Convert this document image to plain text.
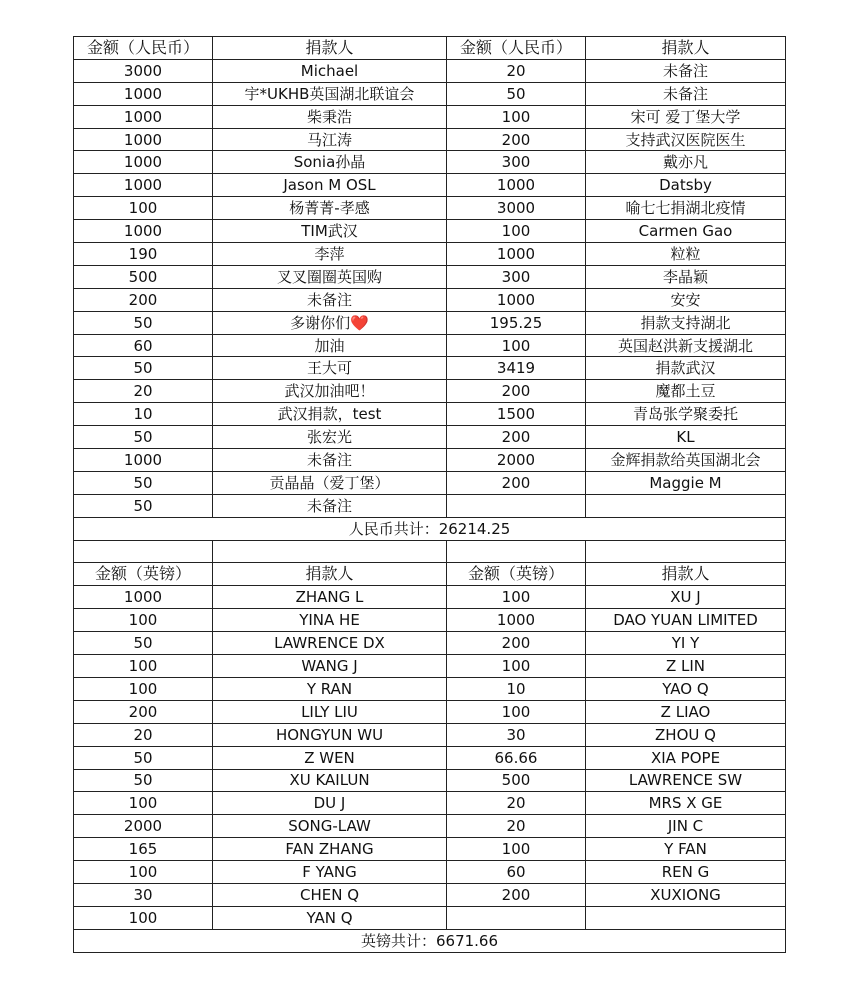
金额（人民币）	捐款人	金额（人民币）	捐款人
3000	Michael	20	未备注
1000	宇*UKHB英国湖北联谊会	50	未备注
1000	柴秉浩	100	宋可 爱丁堡大学
1000	马江涛	200	支持武汉医院医生
1000	Sonia孙晶	300	戴亦凡
1000	Jason M OSL	1000	Datsby
100	杨菁菁-孝感	3000	喻七七捐湖北疫情
1000	TIM武汉	100	Carmen Gao
190	李萍	1000	粒粒
500	叉叉圈圈英国购	300	李晶颖
200	未备注	1000	安安
50	多谢你们❤️	195.25	捐款支持湖北
60	加油	100	英国赵洪新支援湖北
50	王大可	3419	捐款武汉
20	武汉加油吧！	200	魔都土豆
10	武汉捐款，test	1500	青岛张学聚委托
50	张宏光	200	KL
1000	未备注	2000	金辉捐款给英国湖北会
50	贡晶晶（爱丁堡）	200	Maggie M
50	未备注		
人民币共计：26214.25			

金额（英镑）	捐款人	金额（英镑）	捐款人
1000	ZHANG L	100	XU J
100	YINA HE	1000	DAO YUAN LIMITED
50	LAWRENCE DX	200	YI Y
100	WANG J	100	Z LIN
100	Y RAN	10	YAO Q
200	LILY LIU	100	Z LIAO
20	HONGYUN WU	30	ZHOU Q
50	Z WEN	66.66	XIA POPE
50	XU KAILUN	500	LAWRENCE SW
100	DU J	20	MRS X GE
2000	SONG-LAW	20	JIN C
165	FAN ZHANG	100	Y FAN
100	F YANG	60	REN G
30	CHEN Q	200	XUXIONG
100	YAN Q		
英镑共计：6671.66			
